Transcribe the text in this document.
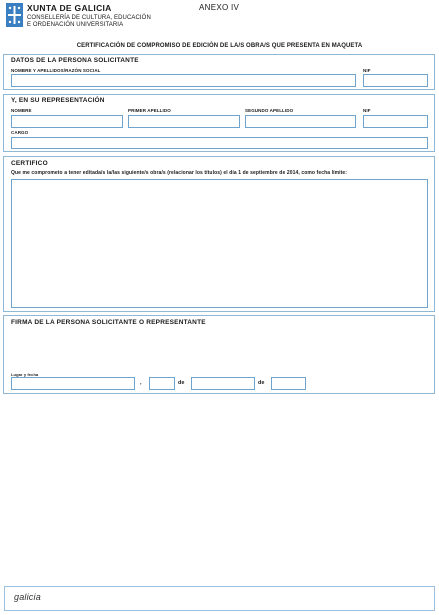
XUNTA DE GALICIA
CONSELLERÍA DE CULTURA, EDUCACIÓN
E ORDENACIÓN UNIVERSITARIA
ANEXO IV
CERTIFICACIÓN DE COMPROMISO DE EDICIÓN DE LA/S OBRA/S QUE PRESENTA EN MAQUETA
DATOS DE LA PERSONA SOLICITANTE
NOMBRE Y APELLIDOS/RAZÓN SOCIAL	NIF
Y, EN SU REPRESENTACIÓN
NOMBRE	PRIMER APELLIDO	SEGUNDO APELLIDO	NIF
CARGO
CERTIFICO
Que me comprometo a tener editada/s la/las siguiente/s obra/s (relacionar los títulos) el día 1 de septiembre de 2014, como fecha límite:
FIRMA DE LA PERSONA SOLICITANTE O REPRESENTANTE
Lugar y fecha
,	de	de
galicia
